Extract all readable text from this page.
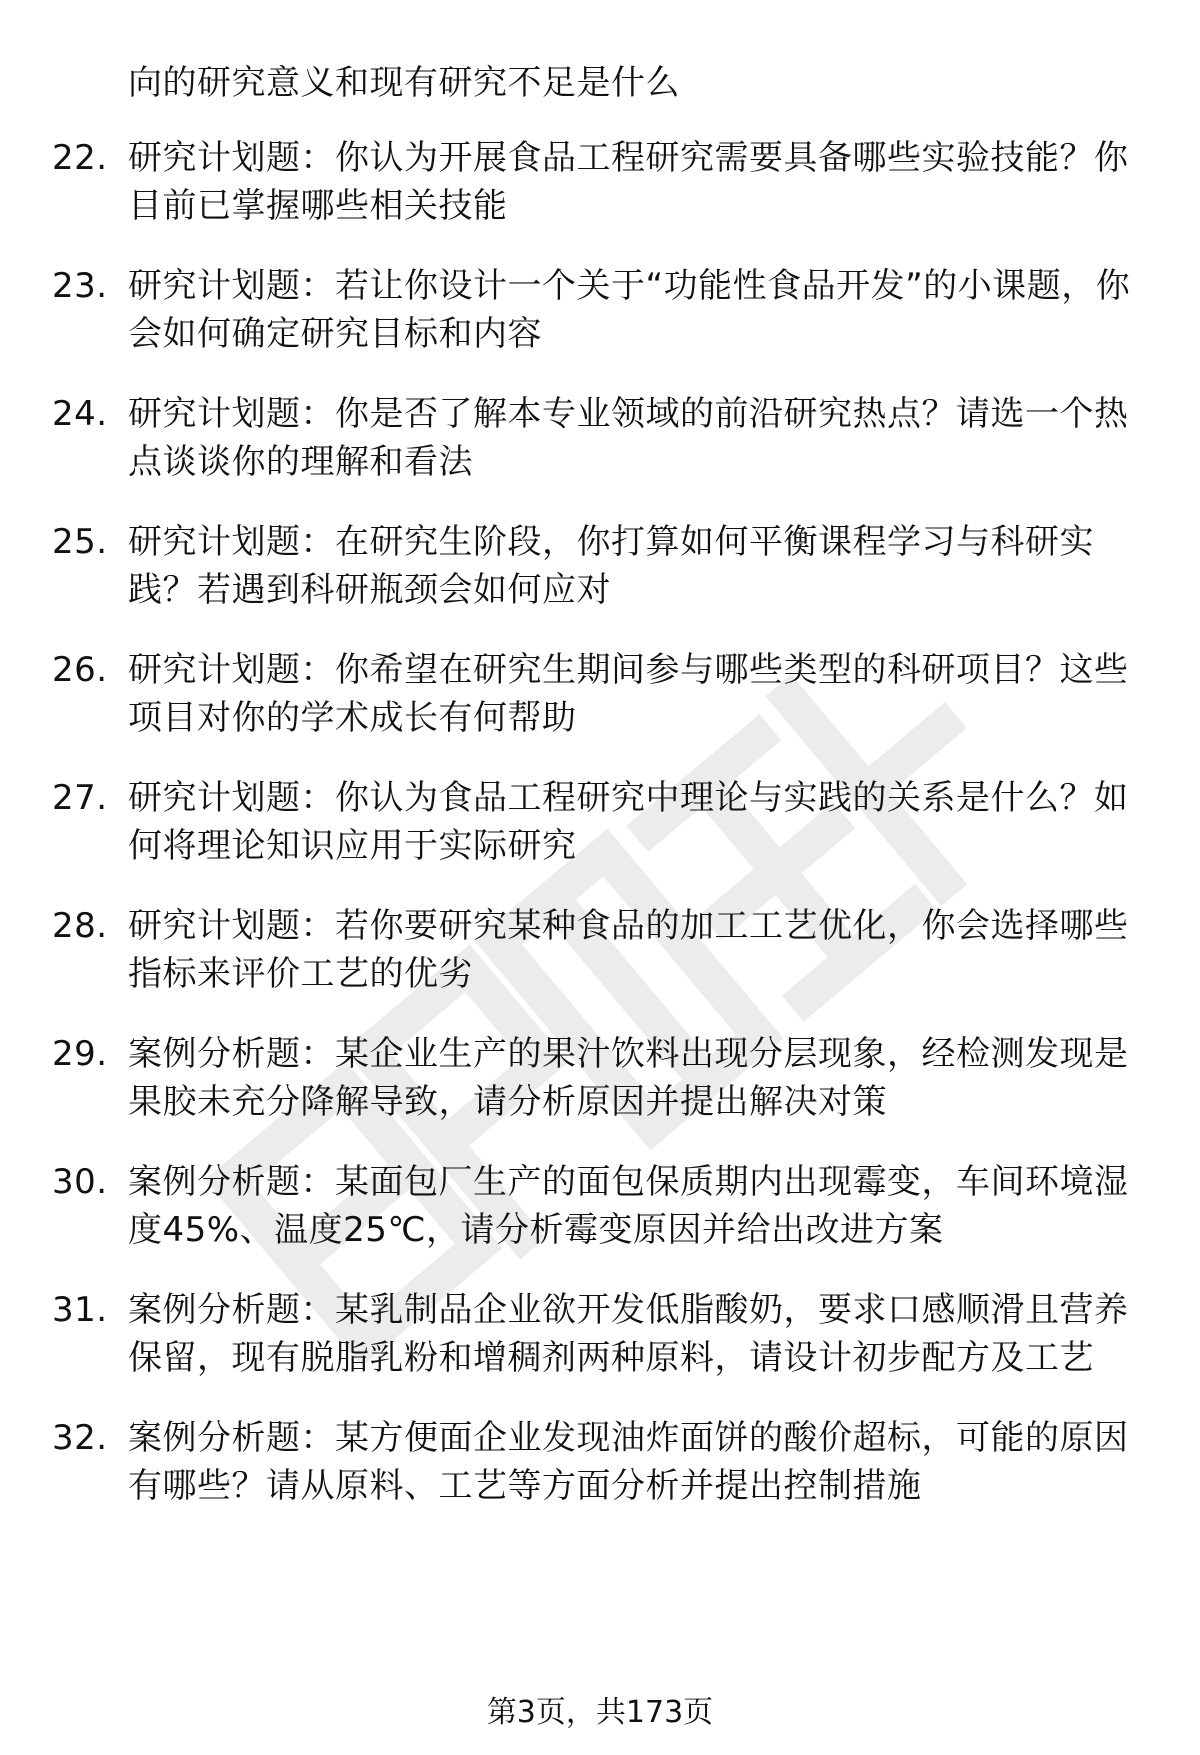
向的研究意义和现有研究不足是什么

22. 研究计划题：你认为开展食品工程研究需要具备哪些实验技能？你目前已掌握哪些相关技能
23. 研究计划题：若让你设计一个关于“功能性食品开发”的小课题，你会如何确定研究目标和内容
24. 研究计划题：你是否了解本专业领域的前沿研究热点？请选一个热点谈谈你的理解和看法
25. 研究计划题：在研究生阶段，你打算如何平衡课程学习与科研实践？若遇到科研瓶颈会如何应对
26. 研究计划题：你希望在研究生期间参与哪些类型的科研项目？这些项目对你的学术成长有何帮助
27. 研究计划题：你认为食品工程研究中理论与实践的关系是什么？如何将理论知识应用于实际研究
28. 研究计划题：若你要研究某种食品的加工工艺优化，你会选择哪些指标来评价工艺的优劣
29. 案例分析题：某企业生产的果汁饮料出现分层现象，经检测发现是果胶未充分降解导致，请分析原因并提出解决对策
30. 案例分析题：某面包厂生产的面包保质期内出现霉变，车间环境湿度45%、温度25℃，请分析霉变原因并给出改进方案
31. 案例分析题：某乳制品企业欲开发低脂酸奶，要求口感顺滑且营养保留，现有脱脂乳粉和增稠剂两种原料，请设计初步配方及工艺
32. 案例分析题：某方便面企业发现油炸面饼的酸价超标，可能的原因有哪些？请从原料、工艺等方面分析并提出控制措施
第3页，共173页
